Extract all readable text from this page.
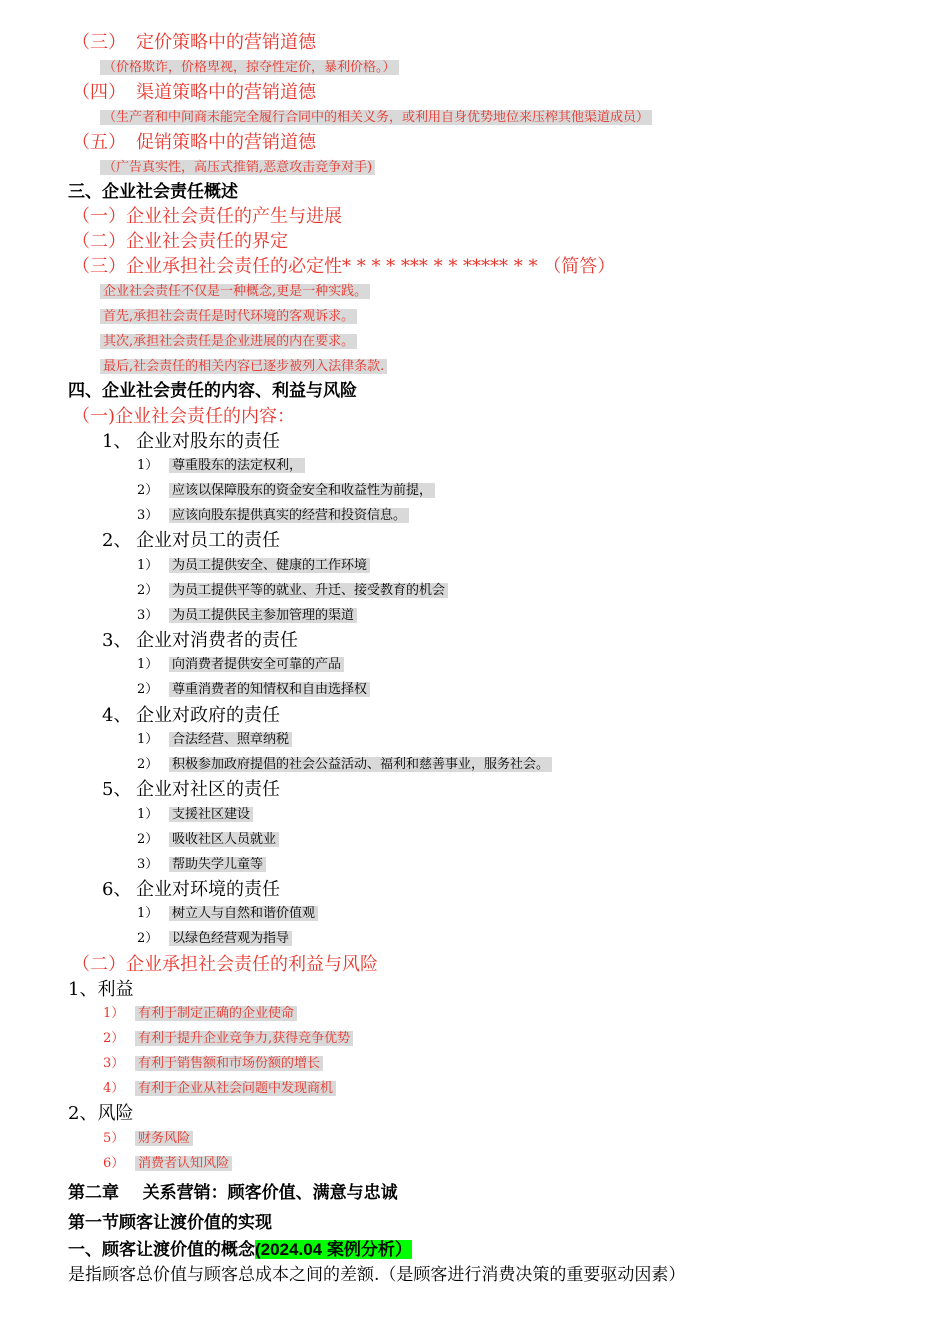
（三） 定价策略中的营销道德
（价格欺诈，价格卑视，掠夺性定价，暴利价格。）
（四） 渠道策略中的营销道德
（生产者和中间商未能完全履行合同中的相关义务，或利用自身优势地位来压榨其他渠道成员）
（五） 促销策略中的营销道德
（广告真实性，高压式推销,恶意攻击竞争对手)
三、企业社会责任概述
（一）企业社会责任的产生与进展
（二）企业社会责任的界定
（三）企业承担社会责任的必定性* * * * *** * * ***** * * （简答）
企业社会责任不仅是一种概念,更是一种实践。
首先,承担社会责任是时代环境的客观诉求。
其次,承担社会责任是企业进展的内在要求。
最后,社会责任的相关内容已逐步被列入法律条款.
四、企业社会责任的内容、利益与风险
（一)企业社会责任的内容：
1、 企业对股东的责任
1） 尊重股东的法定权利，
2） 应该以保障股东的资金安全和收益性为前提，
3） 应该向股东提供真实的经营和投资信息。
2、 企业对员工的责任
1） 为员工提供安全、健康的工作环境
2） 为员工提供平等的就业、升迁、接受教育的机会
3） 为员工提供民主参加管理的渠道
3、 企业对消费者的责任
1） 向消费者提供安全可靠的产品
2） 尊重消费者的知情权和自由选择权
4、 企业对政府的责任
1） 合法经营、照章纳税
2） 积极参加政府提倡的社会公益活动、福利和慈善事业，服务社会。
5、 企业对社区的责任
1） 支援社区建设
2） 吸收社区人员就业
3） 帮助失学儿童等
6、 企业对环境的责任
1） 树立人与自然和谐价值观
2） 以绿色经营观为指导
（二）企业承担社会责任的利益与风险
1、利益
1） 有利于制定正确的企业使命
2） 有利于提升企业竞争力,获得竞争优势
3） 有利于销售额和市场份额的增长
4） 有利于企业从社会问题中发现商机
2、风险
5） 财务风险
6） 消费者认知风险
第二章    关系营销：顾客价值、满意与忠诚
第一节顾客让渡价值的实现
一、顾客让渡价值的概念(2024.04 案例分析）
是指顾客总价值与顾客总成本之间的差额.（是顾客进行消费决策的重要驱动因素）
